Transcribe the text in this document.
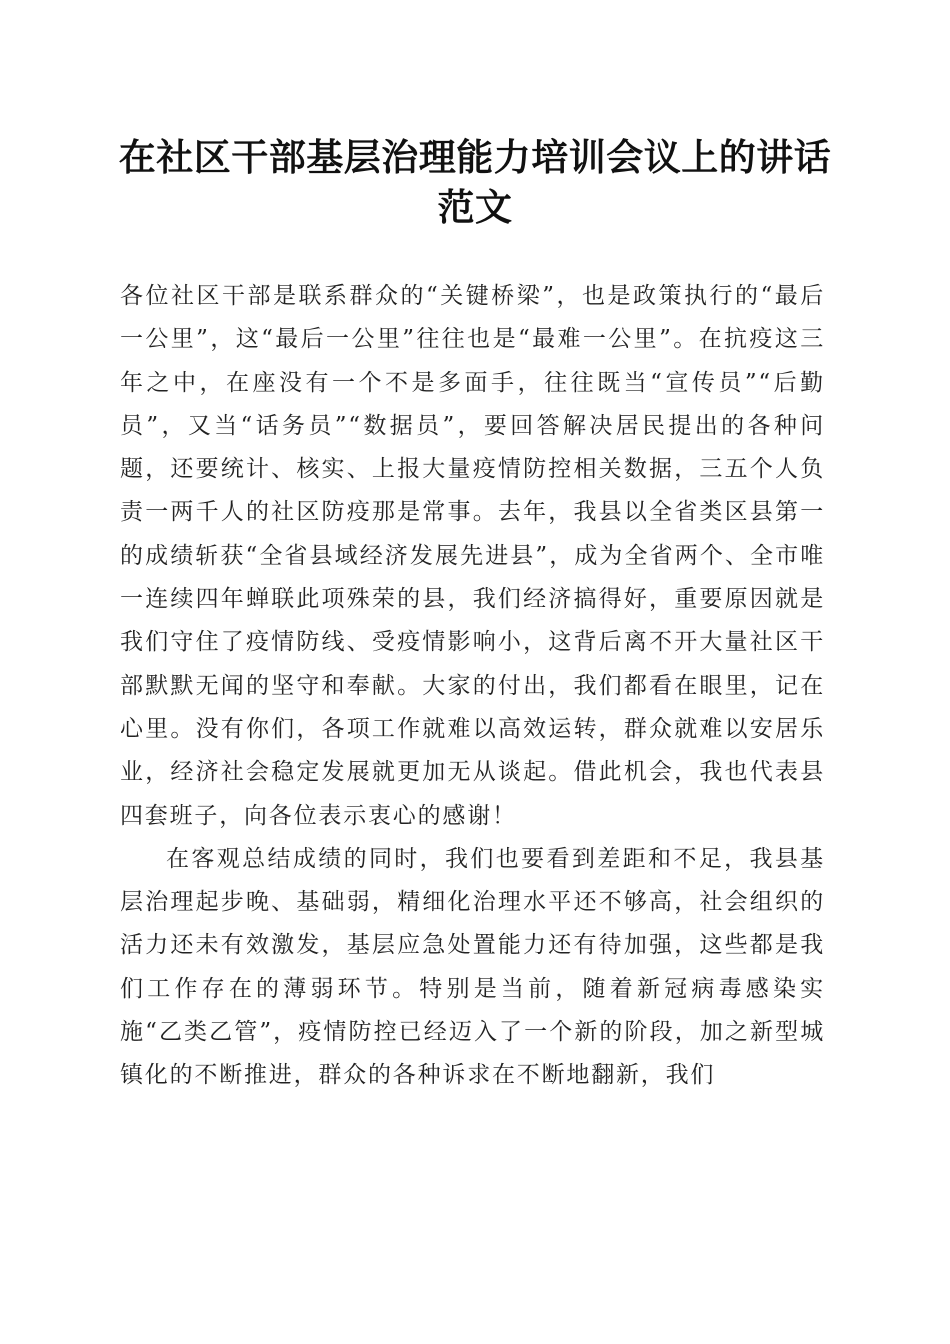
在社区干部基层治理能力培训会议上的讲话范文

各位社区干部是联系群众的“关键桥梁”，也是政策执行的“最后一公里”，这“最后一公里”往往也是“最难一公里”。在抗疫这三年之中，在座没有一个不是多面手，往往既当“宣传员”“后勤员”，又当“话务员”“数据员”，要回答解决居民提出的各种问题，还要统计、核实、上报大量疫情防控相关数据，三五个人负责一两千人的社区防疫那是常事。去年，我县以全省类区县第一的成绩斩获“全省县域经济发展先进县”，成为全省两个、全市唯一连续四年蝉联此项殊荣的县，我们经济搞得好，重要原因就是我们守住了疫情防线、受疫情影响小，这背后离不开大量社区干部默默无闻的坚守和奉献。大家的付出，我们都看在眼里，记在心里。没有你们，各项工作就难以高效运转，群众就难以安居乐业，经济社会稳定发展就更加无从谈起。借此机会，我也代表县四套班子，向各位表示衷心的感谢！

在客观总结成绩的同时，我们也要看到差距和不足，我县基层治理起步晚、基础弱，精细化治理水平还不够高，社会组织的活力还未有效激发，基层应急处置能力还有待加强，这些都是我们工作存在的薄弱环节。特别是当前，随着新冠病毒感染实施“乙类乙管”，疫情防控已经迈入了一个新的阶段，加之新型城镇化的不断推进，群众的各种诉求在不断地翻新，我们
